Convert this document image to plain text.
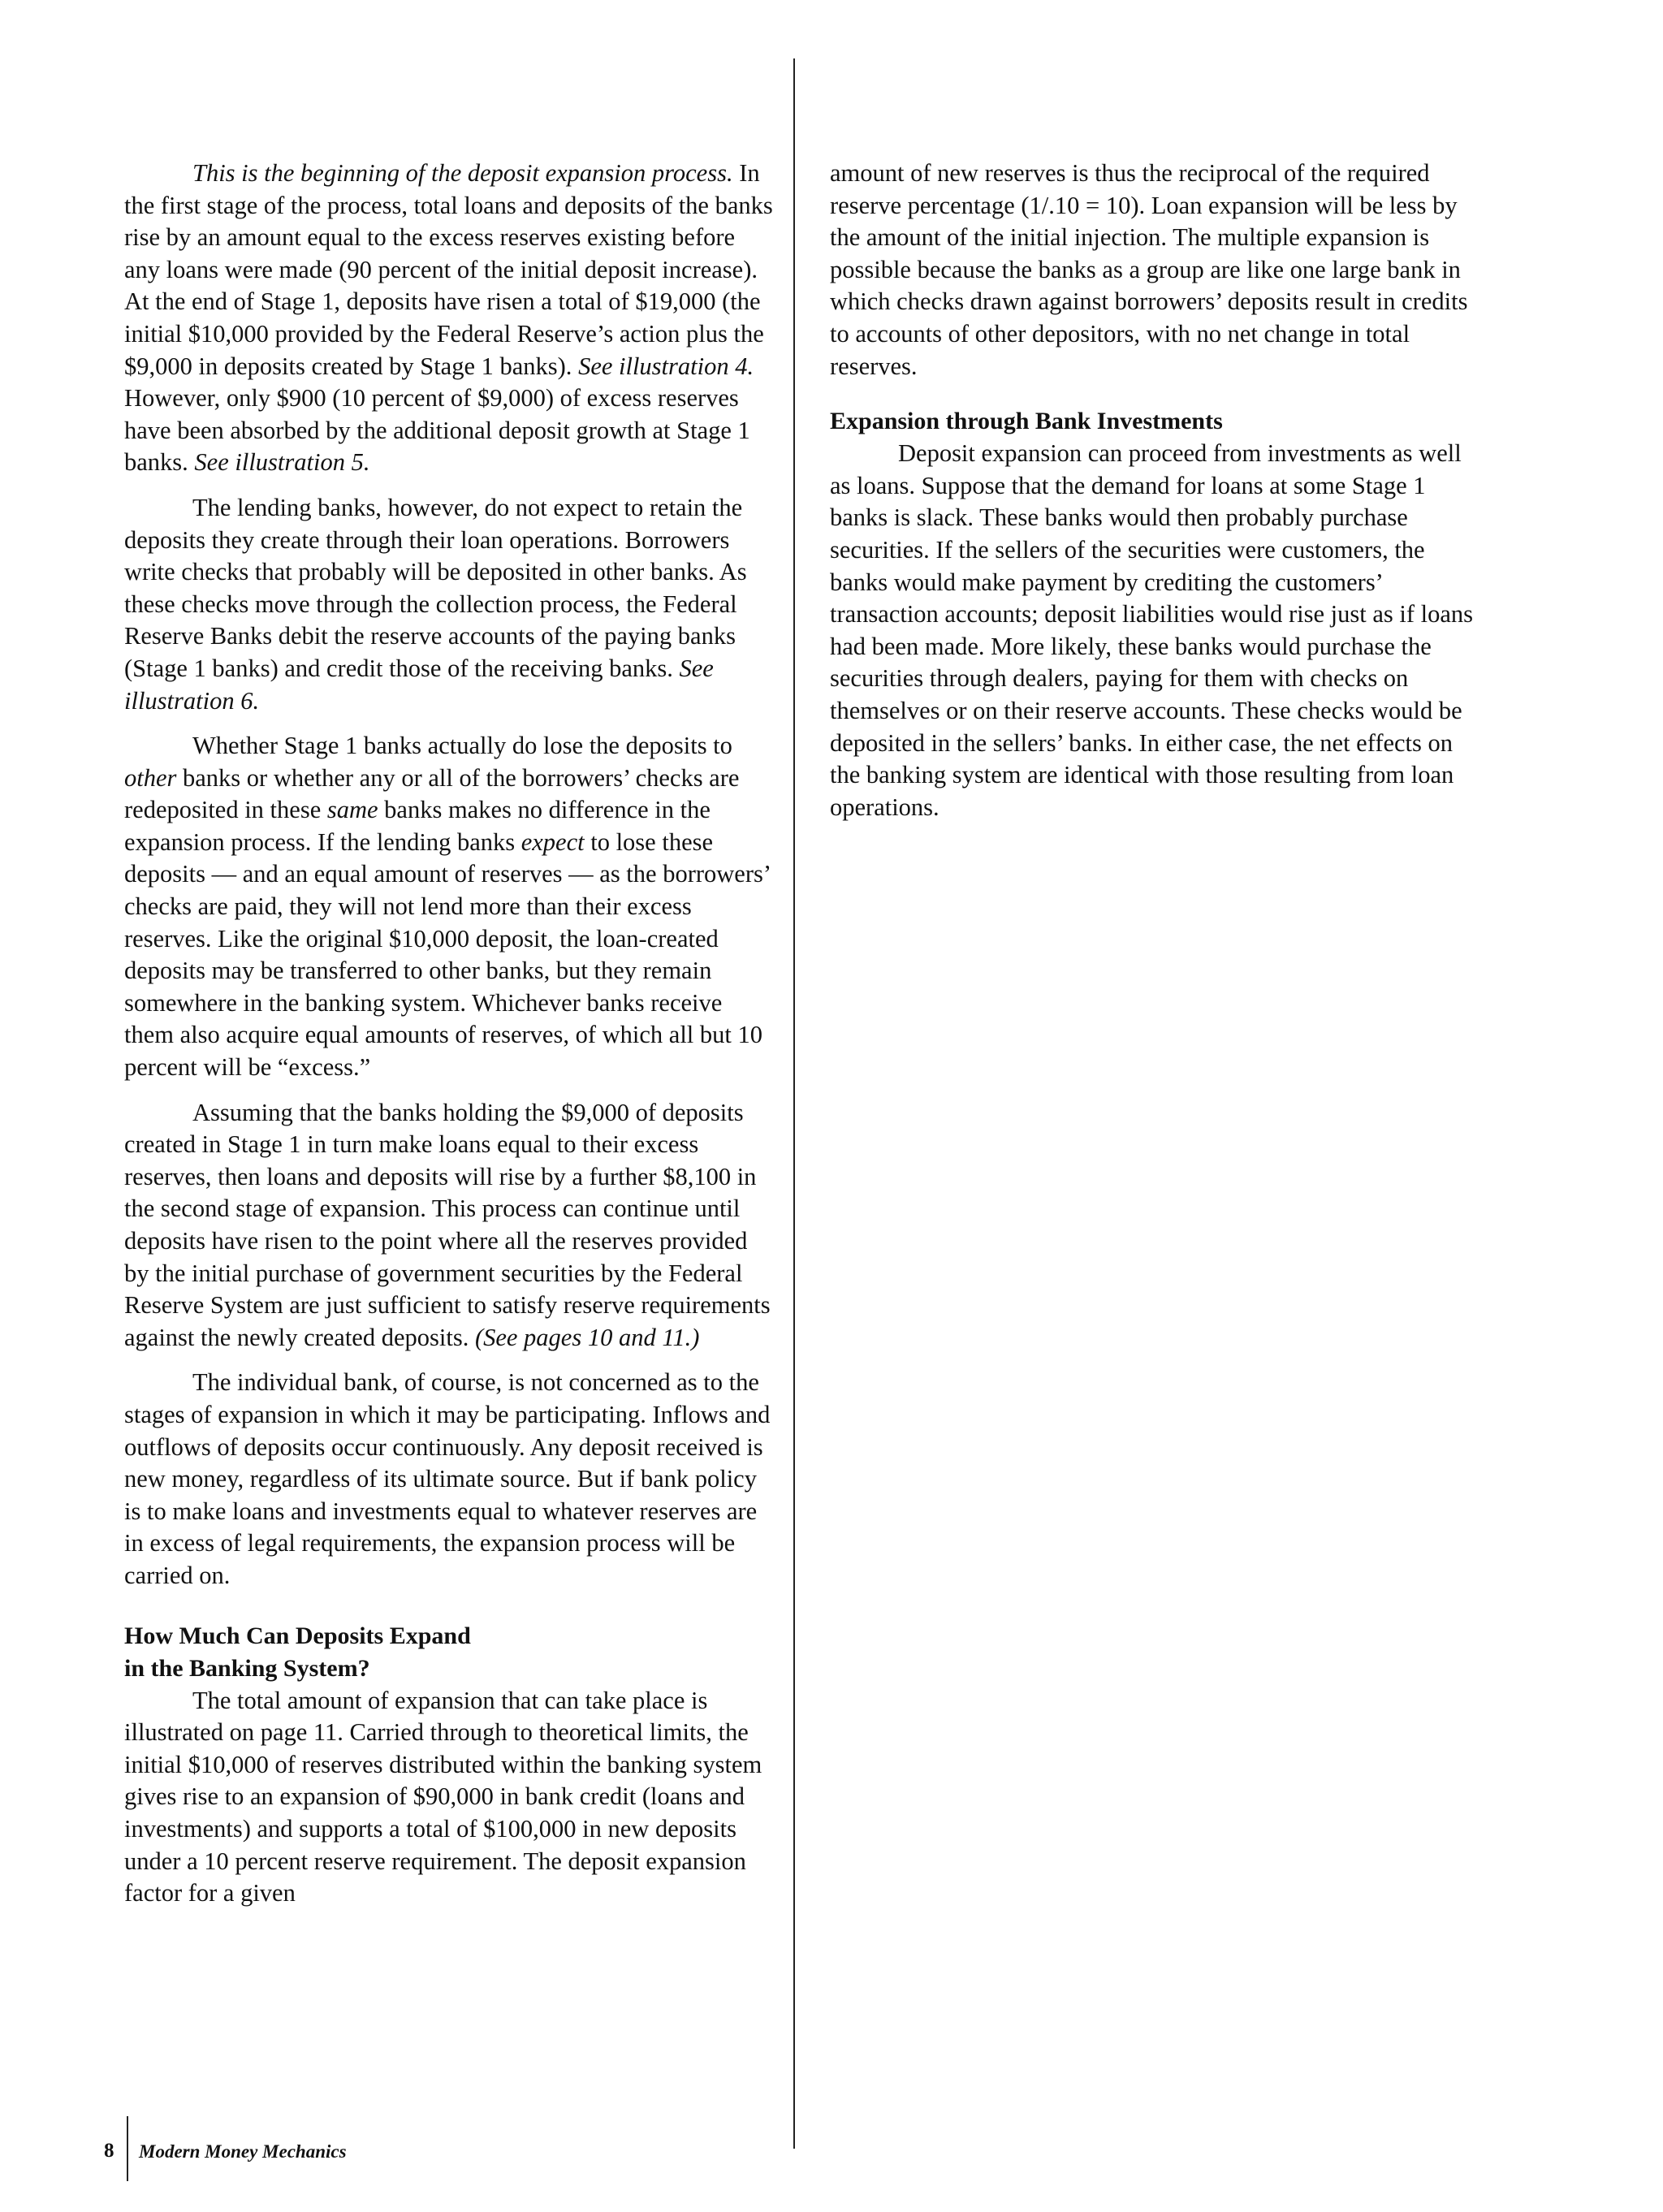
This is the beginning of the deposit expansion process. In the first stage of the process, total loans and deposits of the banks rise by an amount equal to the excess reserves existing before any loans were made (90 percent of the initial deposit increase). At the end of Stage 1, deposits have risen a total of $19,000 (the initial $10,000 provided by the Federal Reserve’s action plus the $9,000 in deposits created by Stage 1 banks). See illustration 4. However, only $900 (10 percent of $9,000) of excess reserves have been absorbed by the additional deposit growth at Stage 1 banks. See illustration 5.

The lending banks, however, do not expect to retain the deposits they create through their loan operations. Borrowers write checks that probably will be deposited in other banks. As these checks move through the collection process, the Federal Reserve Banks debit the reserve accounts of the paying banks (Stage 1 banks) and credit those of the receiving banks. See illustration 6.

Whether Stage 1 banks actually do lose the deposits to other banks or whether any or all of the borrowers’ checks are redeposited in these same banks makes no difference in the expansion process. If the lending banks expect to lose these deposits — and an equal amount of reserves — as the borrowers’ checks are paid, they will not lend more than their excess reserves. Like the original $10,000 deposit, the loan-created deposits may be transferred to other banks, but they remain somewhere in the banking system. Whichever banks receive them also acquire equal amounts of reserves, of which all but 10 percent will be “excess.”

Assuming that the banks holding the $9,000 of deposits created in Stage 1 in turn make loans equal to their excess reserves, then loans and deposits will rise by a further $8,100 in the second stage of expansion. This process can continue until deposits have risen to the point where all the reserves provided by the initial purchase of government securities by the Federal Reserve System are just sufficient to satisfy reserve requirements against the newly created deposits. (See pages 10 and 11.)

The individual bank, of course, is not concerned as to the stages of expansion in which it may be participating. Inflows and outflows of deposits occur continuously. Any deposit received is new money, regardless of its ultimate source. But if bank policy is to make loans and investments equal to whatever reserves are in excess of legal requirements, the expansion process will be carried on.

How Much Can Deposits Expand
in the Banking System?

The total amount of expansion that can take place is illustrated on page 11. Carried through to theoretical limits, the initial $10,000 of reserves distributed within the banking system gives rise to an expansion of $90,000 in bank credit (loans and investments) and supports a total of $100,000 in new deposits under a 10 percent reserve requirement. The deposit expansion factor for a given

amount of new reserves is thus the reciprocal of the required reserve percentage (1/.10 = 10). Loan expansion will be less by the amount of the initial injection. The multiple expansion is possible because the banks as a group are like one large bank in which checks drawn against borrowers’ deposits result in credits to accounts of other depositors, with no net change in total reserves.

Expansion through Bank Investments

Deposit expansion can proceed from investments as well as loans. Suppose that the demand for loans at some Stage 1 banks is slack. These banks would then probably purchase securities. If the sellers of the securities were customers, the banks would make payment by crediting the customers’ transaction accounts; deposit liabilities would rise just as if loans had been made. More likely, these banks would purchase the securities through dealers, paying for them with checks on themselves or on their reserve accounts. These checks would be deposited in the sellers’ banks. In either case, the net effects on the banking system are identical with those resulting from loan operations.

8 Modern Money Mechanics
